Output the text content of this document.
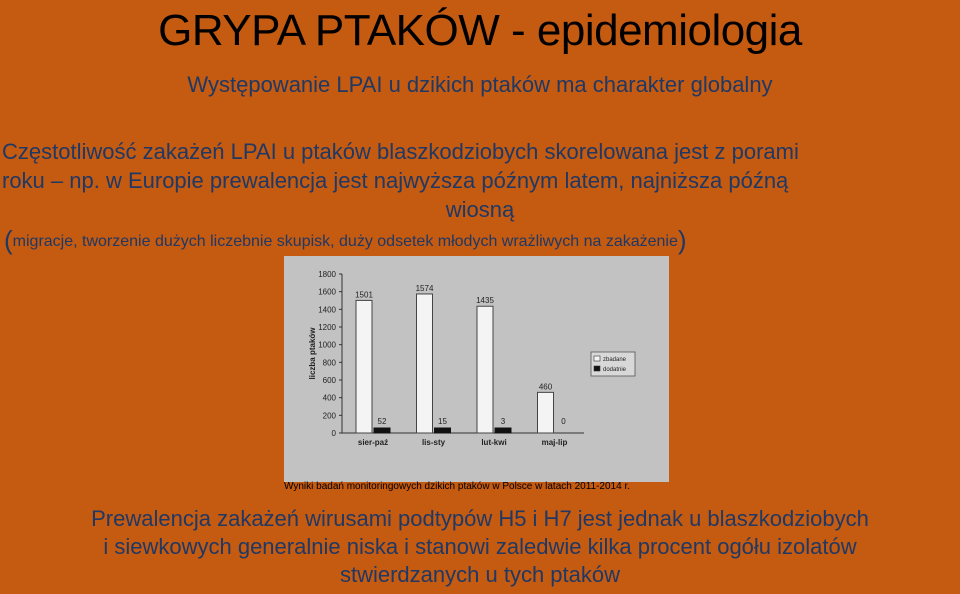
GRYPA PTAKÓW - epidemiologia
Występowanie LPAI u dzikich ptaków ma charakter globalny
Częstotliwość zakażeń LPAI u ptaków blaszkodziobych skorelowana jest z porami
roku – np. w Europie prewalencja jest najwyższa późnym latem, najniższa późną
wiosną
(migracje, tworzenie dużych liczebnie skupisk, duży odsetek młodych wrażliwych na zakażenie)
0
200
400
600
800
1000
1200
1400
1600
1800
liczba ptaków
1501
52
sier-paź
1574
15
lis-sty
1435
3
lut-kwi
460
0
maj-lip
zbadane
dodatnie
Wyniki badań monitoringowych dzikich ptaków w Polsce w latach 2011-2014 r.
Prewalencja zakażeń wirusami podtypów H5 i H7 jest jednak u blaszkodziobych
i siewkowych generalnie niska i stanowi zaledwie kilka procent ogółu izolatów
stwierdzanych u tych ptaków
